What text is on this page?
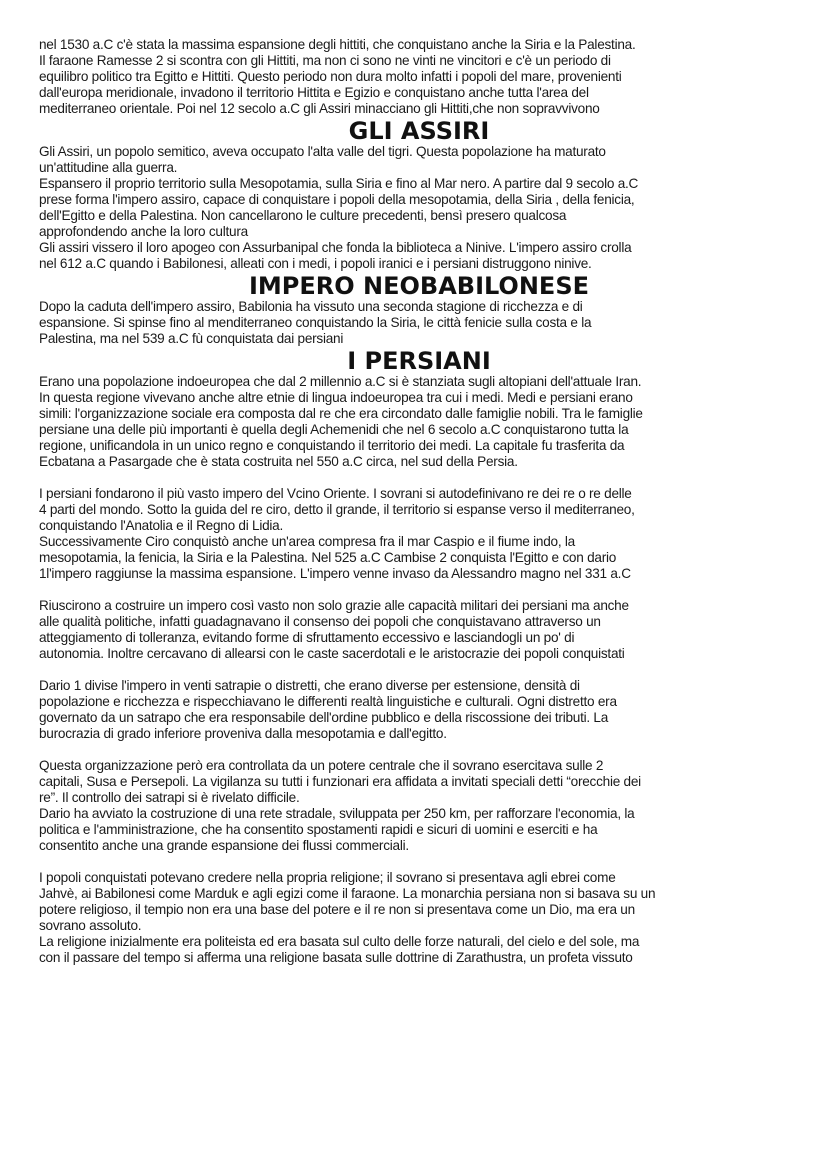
nel 1530 a.C c'è stata la massima espansione degli hittiti, che conquistano anche la Siria e la Palestina.
Il faraone Ramesse 2 si scontra con gli Hittiti, ma non ci sono ne vinti ne vincitori e c'è un periodo di
equilibro politico tra Egitto e Hittiti. Questo periodo non dura molto infatti i popoli del mare, provenienti
dall'europa meridionale, invadono il territorio Hittita e Egizio e conquistano anche tutta l'area del
mediterraneo orientale. Poi nel 12 secolo a.C gli Assiri minacciano gli Hittiti,che non sopravvivono
GLI ASSIRI
Gli Assiri, un popolo semitico, aveva occupato l'alta valle del tigri. Questa popolazione ha maturato
un'attitudine alla guerra.
Espansero il proprio territorio sulla Mesopotamia, sulla Siria e fino al Mar nero. A partire dal 9 secolo a.C
prese forma l'impero assiro, capace di conquistare i popoli della mesopotamia, della Siria , della fenicia,
dell'Egitto e della Palestina. Non cancellarono le culture precedenti, bensì presero qualcosa
approfondendo anche la loro cultura
Gli assiri vissero il loro apogeo con Assurbanipal che fonda la biblioteca a Ninive. L'impero assiro crolla
nel 612 a.C quando i Babilonesi, alleati con i medi, i popoli iranici e i persiani distruggono ninive.
IMPERO NEOBABILONESE
Dopo la caduta dell'impero assiro, Babilonia ha vissuto una seconda stagione di ricchezza e di
espansione. Si spinse fino al menditerraneo conquistando la Siria, le città fenicie sulla costa e la
Palestina, ma nel 539 a.C fù conquistata dai persiani
I PERSIANI
Erano una popolazione indoeuropea che dal 2 millennio a.C si è stanziata sugli altopiani dell'attuale Iran.
In questa regione vivevano anche altre etnie di lingua indoeuropea tra cui i medi. Medi e persiani erano
simili: l'organizzazione sociale era composta dal re che era circondato dalle famiglie nobili. Tra le famiglie
persiane una delle più importanti è quella degli Achemenidi che nel 6 secolo a.C conquistarono tutta la
regione, unificandola in un unico regno e conquistando il territorio dei medi. La capitale fu trasferita da
Ecbatana a Pasargade che è stata costruita nel 550 a.C circa, nel sud della Persia.
I persiani fondarono il più vasto impero del Vcino Oriente. I sovrani si autodefinivano re dei re o re delle
4 parti del mondo. Sotto la guida del re ciro, detto il grande, il territorio si espanse verso il mediterraneo,
conquistando l'Anatolia e il Regno di Lidia.
Successivamente Ciro conquistò anche un'area compresa fra il mar Caspio e il fiume indo, la
mesopotamia, la fenicia, la Siria e la Palestina. Nel 525 a.C Cambise 2 conquista l'Egitto e con dario
1l'impero raggiunse la massima espansione. L'impero venne invaso da Alessandro magno nel 331 a.C
Riuscirono a costruire un impero così vasto non solo grazie alle capacità militari dei persiani ma anche
alle qualità politiche, infatti guadagnavano il consenso dei popoli che conquistavano attraverso un
atteggiamento di tolleranza, evitando forme di sfruttamento eccessivo e lasciandogli un po' di
autonomia. Inoltre cercavano di allearsi con le caste sacerdotali e le aristocrazie dei popoli conquistati
Dario 1 divise l'impero in venti satrapie o distretti, che erano diverse per estensione, densità di
popolazione e ricchezza e rispecchiavano le differenti realtà linguistiche e culturali. Ogni distretto era
governato da un satrapo che era responsabile dell'ordine pubblico e della riscossione dei tributi. La
burocrazia di grado inferiore proveniva dalla mesopotamia e dall'egitto.
Questa organizzazione però era controllata da un potere centrale che il sovrano esercitava sulle 2
capitali, Susa e Persepoli. La vigilanza su tutti i funzionari era affidata a invitati speciali detti “orecchie dei
re”. Il controllo dei satrapi si è rivelato difficile.
Dario ha avviato la costruzione di una rete stradale, sviluppata per 250 km, per rafforzare l'economia, la
politica e l'amministrazione, che ha consentito spostamenti rapidi e sicuri di uomini e eserciti e ha
consentito anche una grande espansione dei flussi commerciali.
I popoli conquistati potevano credere nella propria religione; il sovrano si presentava agli ebrei come
Jahvè, ai Babilonesi come Marduk e agli egizi come il faraone. La monarchia persiana non si basava su un
potere religioso, il tempio non era una base del potere e il re non si presentava come un Dio, ma era un
sovrano assoluto.
La religione inizialmente era politeista ed era basata sul culto delle forze naturali, del cielo e del sole, ma
con il passare del tempo si afferma una religione basata sulle dottrine di Zarathustra, un profeta vissuto
